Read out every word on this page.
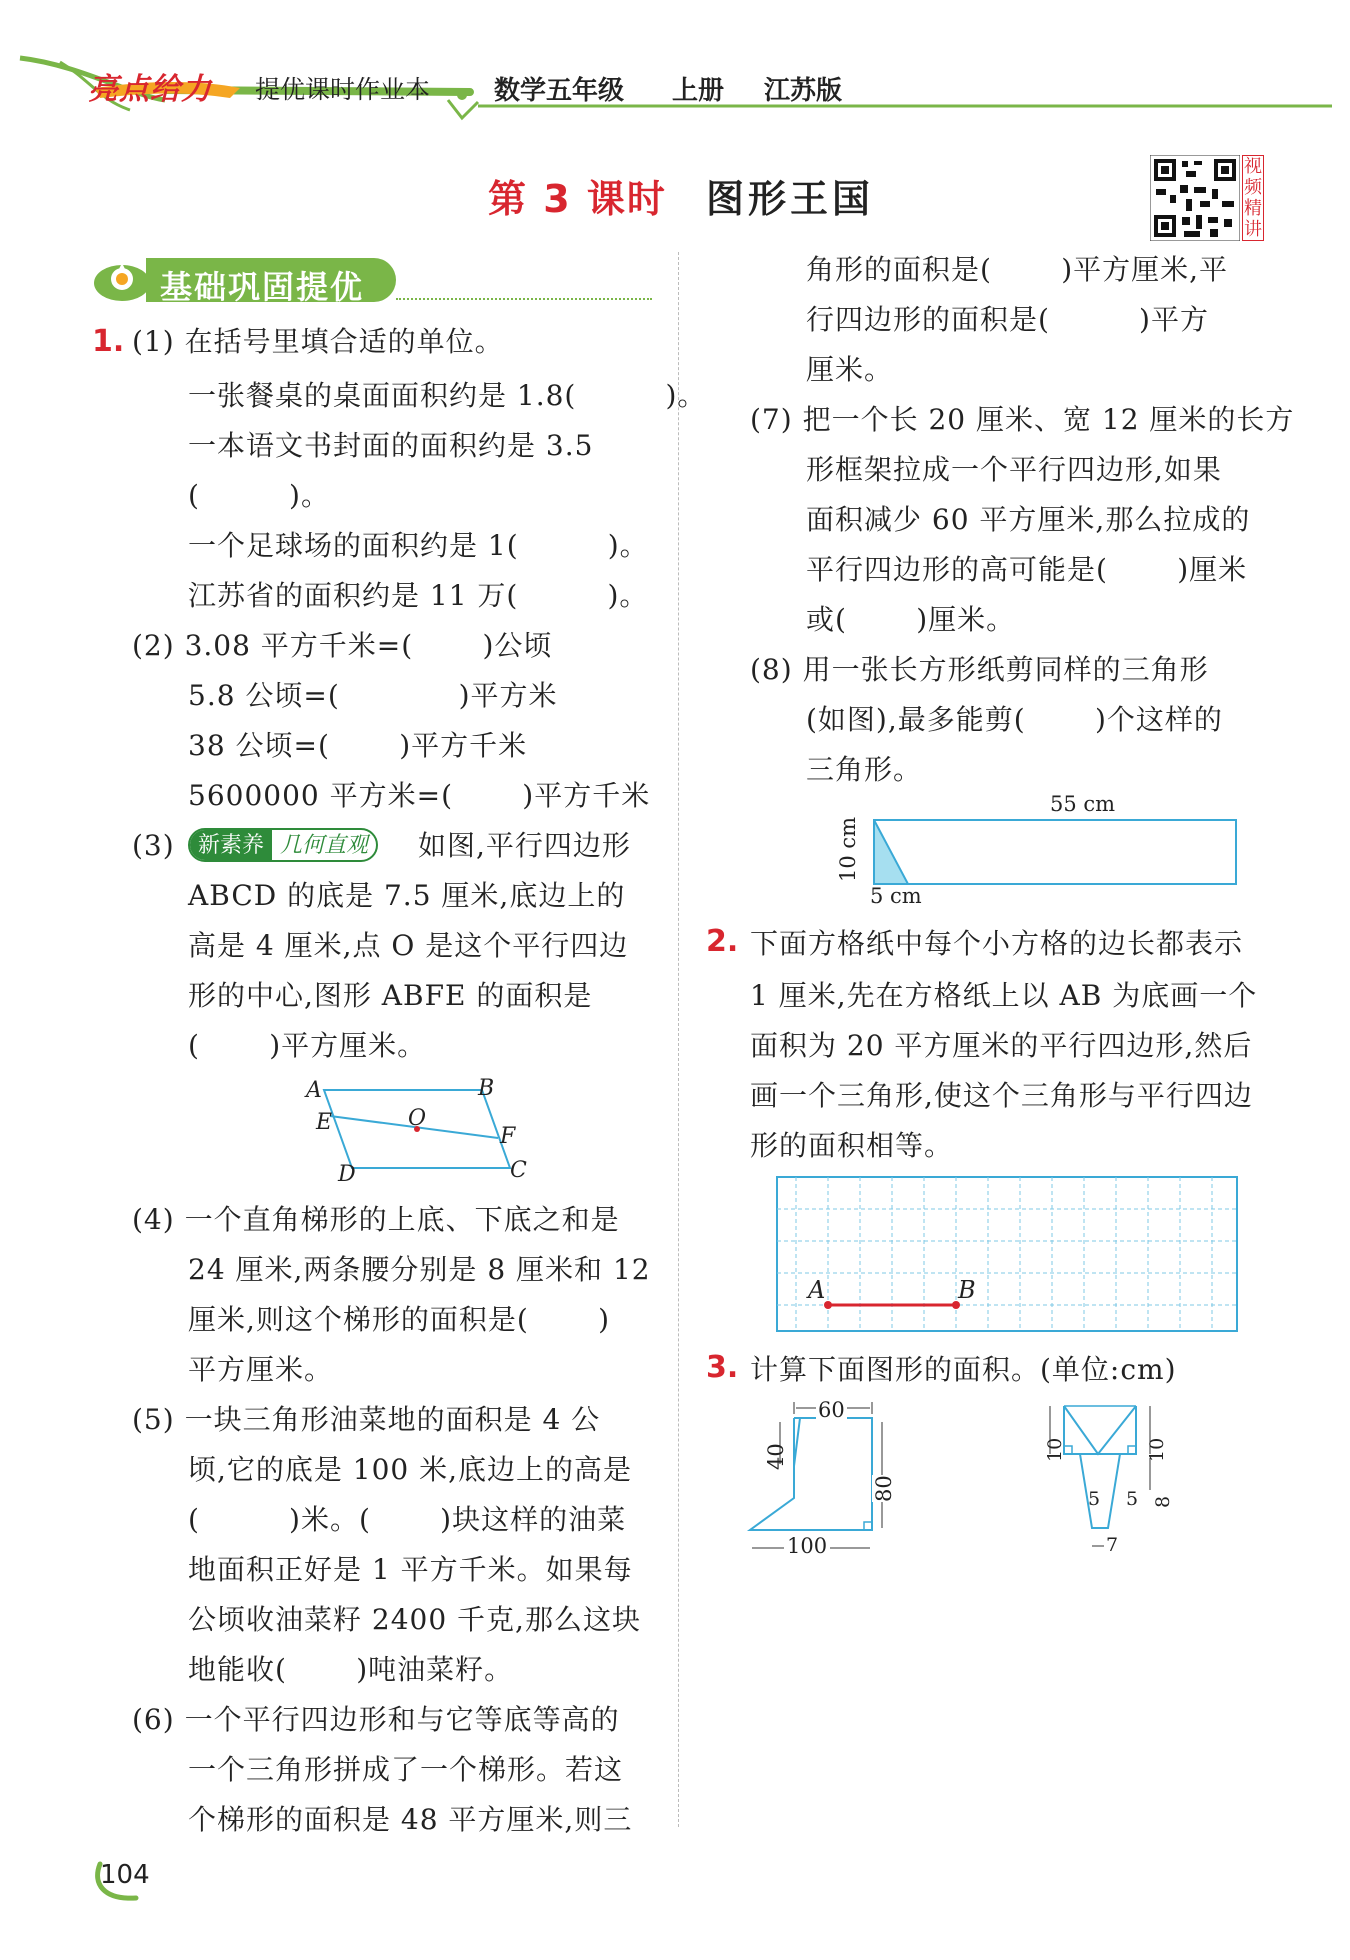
亮点给力 提优课时作业本 数学五年级 上册 江苏版
第 3 课时 图形王国
视频精讲
基础巩固提优
1. (1) 在括号里填合适的单位。
一张餐桌的桌面面积约是 1.8(         )。
一本语文书封面的面积约是 3.5
(         )。
一个足球场的面积约是 1(         )。
江苏省的面积约是 11 万(         )。
(2) 3.08 平方千米=(       )公顷
5.8 公顷=(            )平方米
38 公顷=(       )平方千米
5600000 平方米=(       )平方千米
(3)	新素养 几何直观 如图,平行四边形
ABCD 的底是 7.5 厘米,底边上的
高是 4 厘米,点 O 是这个平行四边
形的中心,图形 ABFE 的面积是
(       )平方厘米。
A	B
E	O
F
D	C
(4) 一个直角梯形的上底、下底之和是
24 厘米,两条腰分别是 8 厘米和 12
厘米,则这个梯形的面积是(       )
平方厘米。
(5) 一块三角形油菜地的面积是 4 公
顷,它的底是 100 米,底边上的高是
(         )米。(       )块这样的油菜
地面积正好是 1 平方千米。如果每
公顷收油菜籽 2400 千克,那么这块
地能收(       )吨油菜籽。
(6) 一个平行四边形和与它等底等高的
一个三角形拼成了一个梯形。若这
个梯形的面积是 48 平方厘米,则三
角形的面积是(       )平方厘米,平
行四边形的面积是(         )平方
厘米。
(7) 把一个长 20 厘米、宽 12 厘米的长方
形框架拉成一个平行四边形,如果
面积减少 60 平方厘米,那么拉成的
平行四边形的高可能是(       )厘米
或(       )厘米。
(8) 用一张长方形纸剪同样的三角形
(如图),最多能剪(       )个这样的
三角形。
55 cm
10 cm
5 cm
2. 下面方格纸中每个小方格的边长都表示
1 厘米,先在方格纸上以 AB 为底画一个
面积为 20 平方厘米的平行四边形,然后
画一个三角形,使这个三角形与平行四边
形的面积相等。
A	B
3. 计算下面图形的面积。(单位:cm)
60
40
80
100
10	10
5 5 8
7
104
